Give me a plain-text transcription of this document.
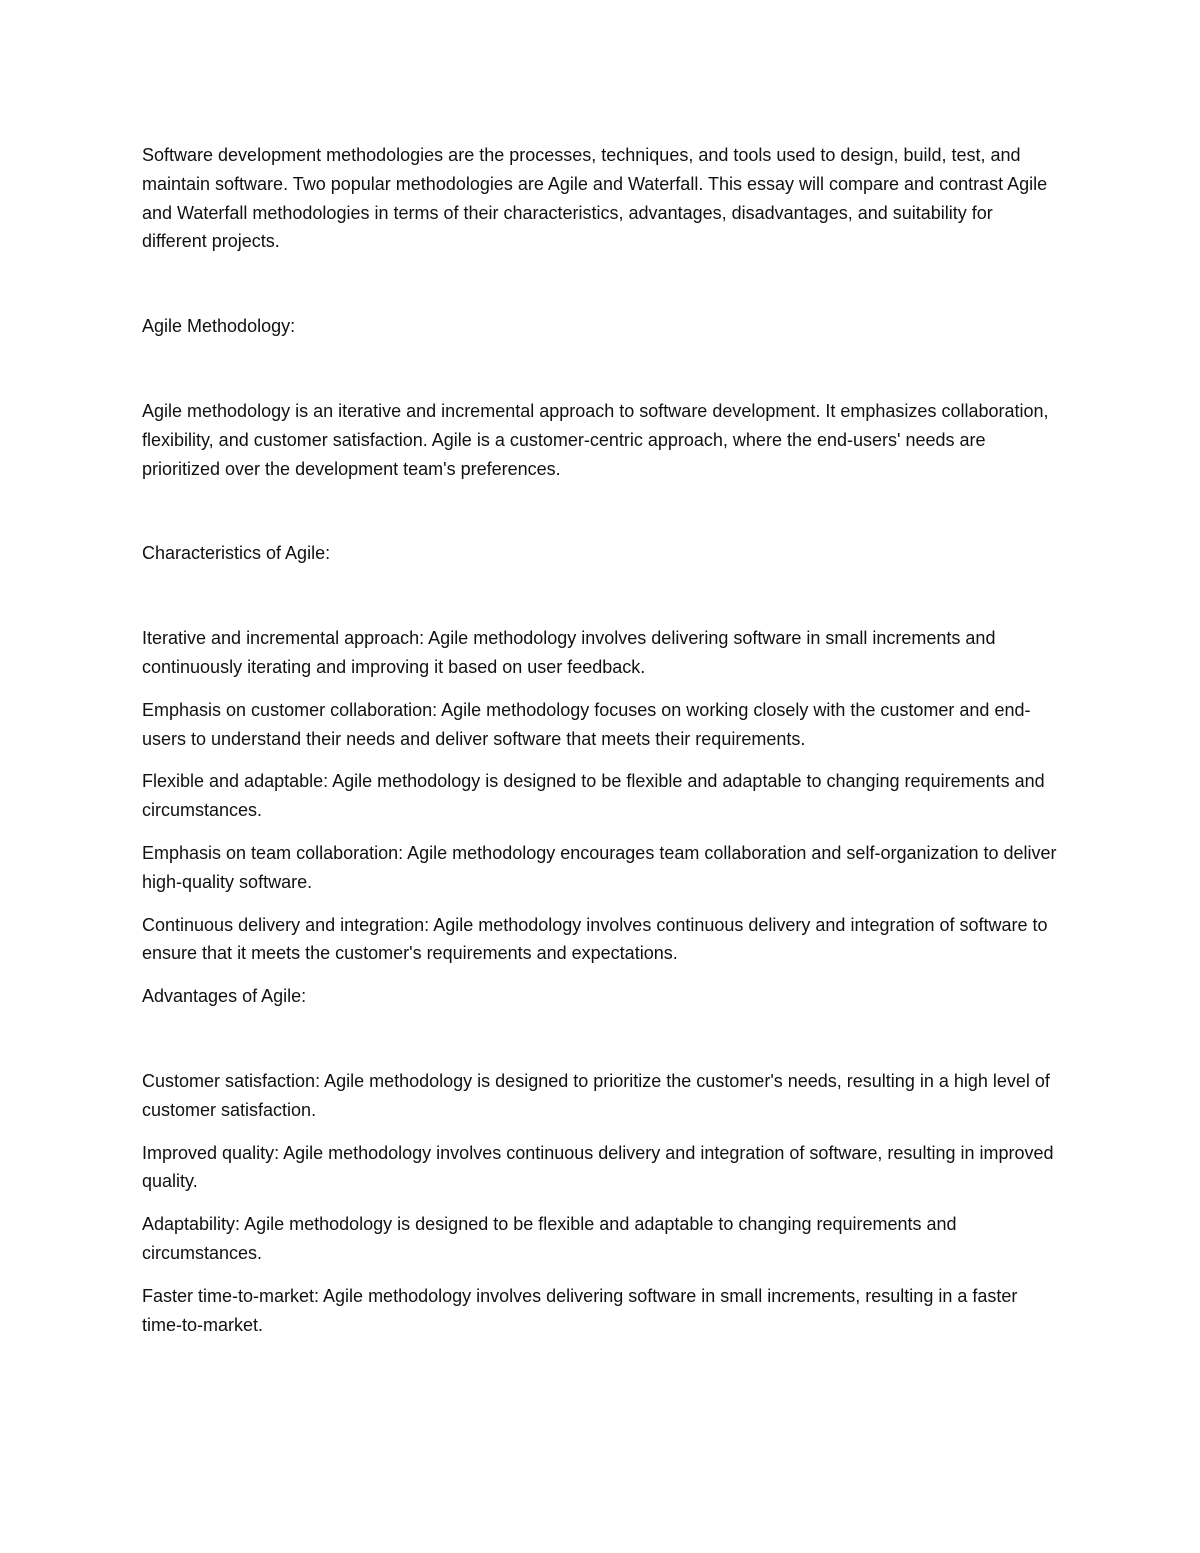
Software development methodologies are the processes, techniques, and tools used to design, build, test, and maintain software. Two popular methodologies are Agile and Waterfall. This essay will compare and contrast Agile and Waterfall methodologies in terms of their characteristics, advantages, disadvantages, and suitability for different projects.

Agile Methodology:

Agile methodology is an iterative and incremental approach to software development. It emphasizes collaboration, flexibility, and customer satisfaction. Agile is a customer-centric approach, where the end-users' needs are prioritized over the development team's preferences.

Characteristics of Agile:

Iterative and incremental approach: Agile methodology involves delivering software in small increments and continuously iterating and improving it based on user feedback.

Emphasis on customer collaboration: Agile methodology focuses on working closely with the customer and end-users to understand their needs and deliver software that meets their requirements.

Flexible and adaptable: Agile methodology is designed to be flexible and adaptable to changing requirements and circumstances.

Emphasis on team collaboration: Agile methodology encourages team collaboration and self-organization to deliver high-quality software.

Continuous delivery and integration: Agile methodology involves continuous delivery and integration of software to ensure that it meets the customer's requirements and expectations.

Advantages of Agile:

Customer satisfaction: Agile methodology is designed to prioritize the customer's needs, resulting in a high level of customer satisfaction.

Improved quality: Agile methodology involves continuous delivery and integration of software, resulting in improved quality.

Adaptability: Agile methodology is designed to be flexible and adaptable to changing requirements and circumstances.

Faster time-to-market: Agile methodology involves delivering software in small increments, resulting in a faster time-to-market.
